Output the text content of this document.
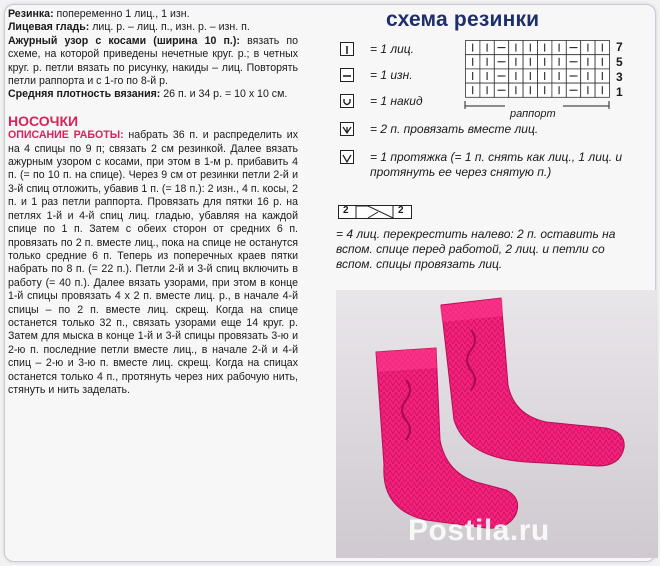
Резинка: попеременно 1 лиц., 1 изн.

Лицевая гладь: лиц. р. – лиц. п., изн. р. – изн. п.

Ажурный узор с косами (ширина 10 п.): вязать по схеме, на которой приведены нечетные круг. р.; в четных круг. р. петли вязать по рисунку, накиды – лиц. Повторять петли раппорта и с 1-го по 8-й р.

Средняя плотность вязания: 26 п. и 34 р. = 10 x 10 см.

НОСОЧКИ

ОПИСАНИЕ РАБОТЫ: набрать 36 п. и распределить их на 4 спицы по 9 п; связать 2 см резинкой. Далее вязать ажурным узором с косами, при этом в 1-м р. прибавить 4 п. (= по 10 п. на спице). Через 9 см от резинки петли 2-й и 3-й спиц отложить, убавив 1 п. (= 18 п.): 2 изн., 4 п. косы, 2 п. и 1 раз петли раппорта. Провязать для пятки 16 р. на петлях 1-й и 4-й спиц лиц. гладью, убавляя на каждой спице по 1 п. Затем с обеих сторон от средних 6 п. провязать по 2 п. вместе лиц., пока на спице не останутся только средние 6 п. Теперь из поперечных краев пятки набрать по 8 п. (= 22 п.). Петли 2-й и 3-й спиц включить в работу (= 40 п.). Далее вязать узорами, при этом в конце 1-й спицы провязать 4 x 2 п. вместе лиц. р., в начале 4-й спицы – по 2 п. вместе лиц. скрещ. Когда на спице останется только 32 п., связать узорами еще 14 круг. р. Затем для мыска в конце 1-й и 3-й спицы провязать 3-ю и 2-ю п. последние петли вместе лиц., в начале 2-й и 4-й спиц – 2-ю и 3-ю п. вместе лиц. скрещ. Когда на спицах останется только 4 п., протянуть через них рабочую нить, стянуть и нить заделать.

схема резинки
= 1 лиц.
= 1 изн.
= 1 накид
= 2 п. провязать вместе лиц.
= 1 протяжка (= 1 п. снять как лиц., 1 лиц. и протянуть ее через снятую п.)
7
5
3
1
раппорт
2	2
= 4 лиц. перекрестить налево: 2 п. оставить на вспом. спице перед работой, 2 лиц. и петли со вспом. спицы провязать лиц.
Postila.ru
